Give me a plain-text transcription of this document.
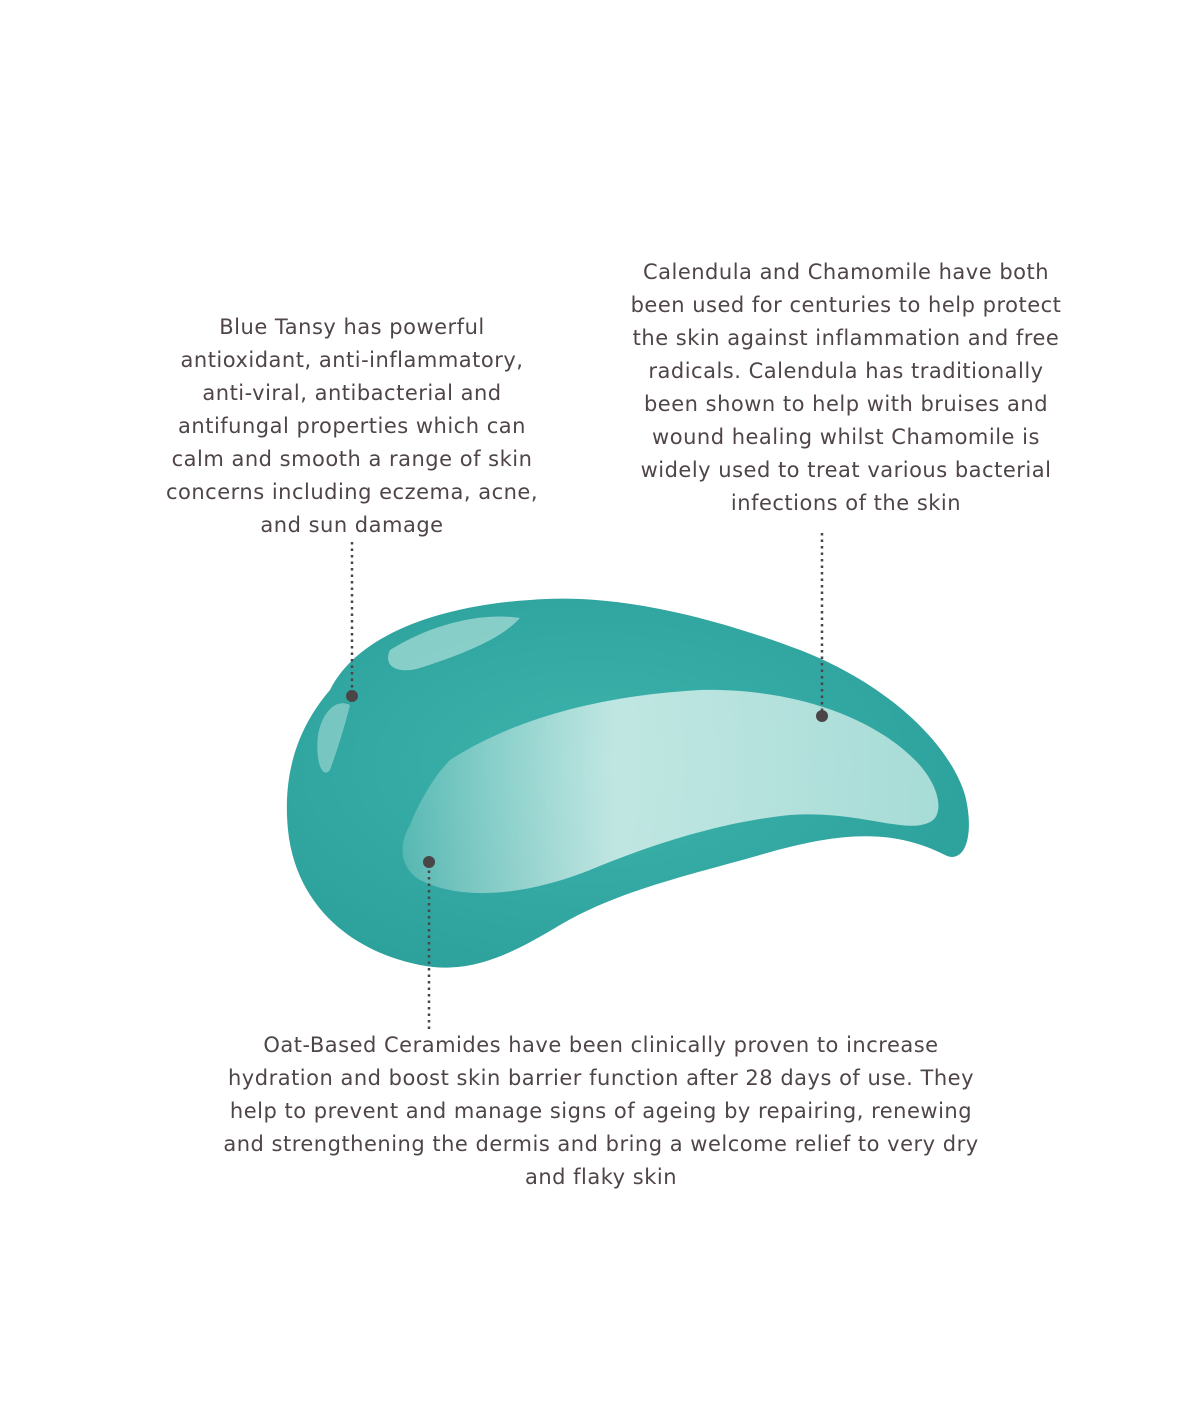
Blue Tansy has powerful antioxidant, anti-inflammatory, anti-viral, antibacterial and antifungal properties which can calm and smooth a range of skin concerns including eczema, acne, and sun damage

Calendula and Chamomile have both been used for centuries to help protect the skin against inflammation and free radicals. Calendula has traditionally been shown to help with bruises and wound healing whilst Chamomile is widely used to treat various bacterial infections of the skin

Oat-Based Ceramides have been clinically proven to increase hydration and boost skin barrier function after 28 days of use. They help to prevent and manage signs of ageing by repairing, renewing and strengthening the dermis and bring a welcome relief to very dry and flaky skin
